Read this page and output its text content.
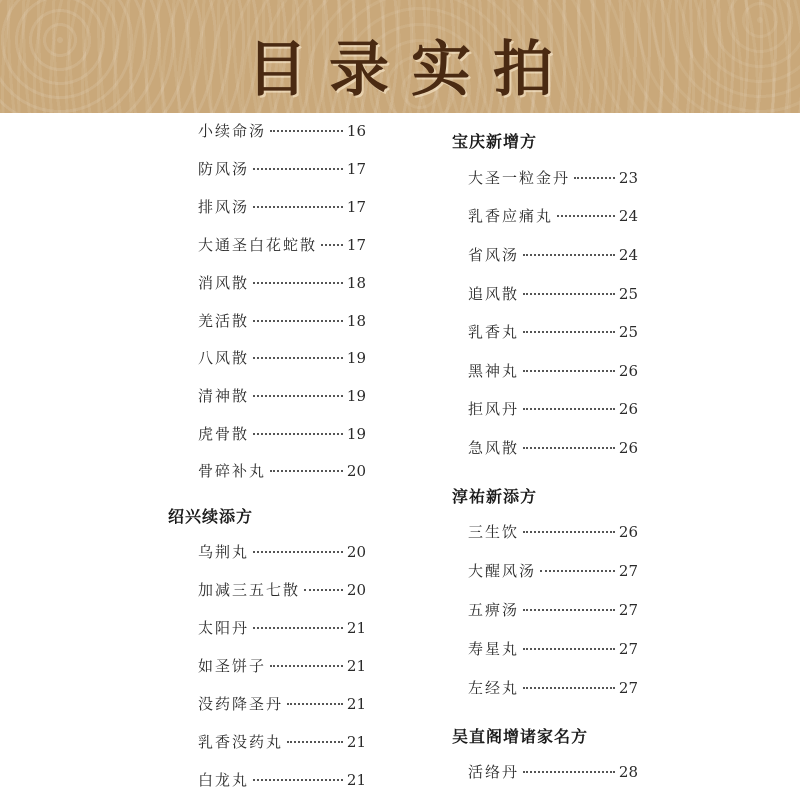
目录实拍
小续命汤	16
防风汤	17
排风汤	17
大通圣白花蛇散 17
消风散	18
羌活散	18
八风散	19
清神散	19
虎骨散	19
骨碎补丸	20
绍兴续添方
乌荆丸	20
加减三五七散	20
太阳丹	21
如圣饼子	21
没药降圣丹	21
乳香没药丸	21
白龙丸	21
宝庆新增方
大圣一粒金丹	23
乳香应痛丸	24
省风汤	24
追风散	25
乳香丸	25
黑神丸	26
拒风丹	26
急风散	26
淳祐新添方
三生饮	26
大醒风汤	27
五痹汤	27
寿星丸	27
左经丸	27
吴直阁增诸家名方
活络丹	28
